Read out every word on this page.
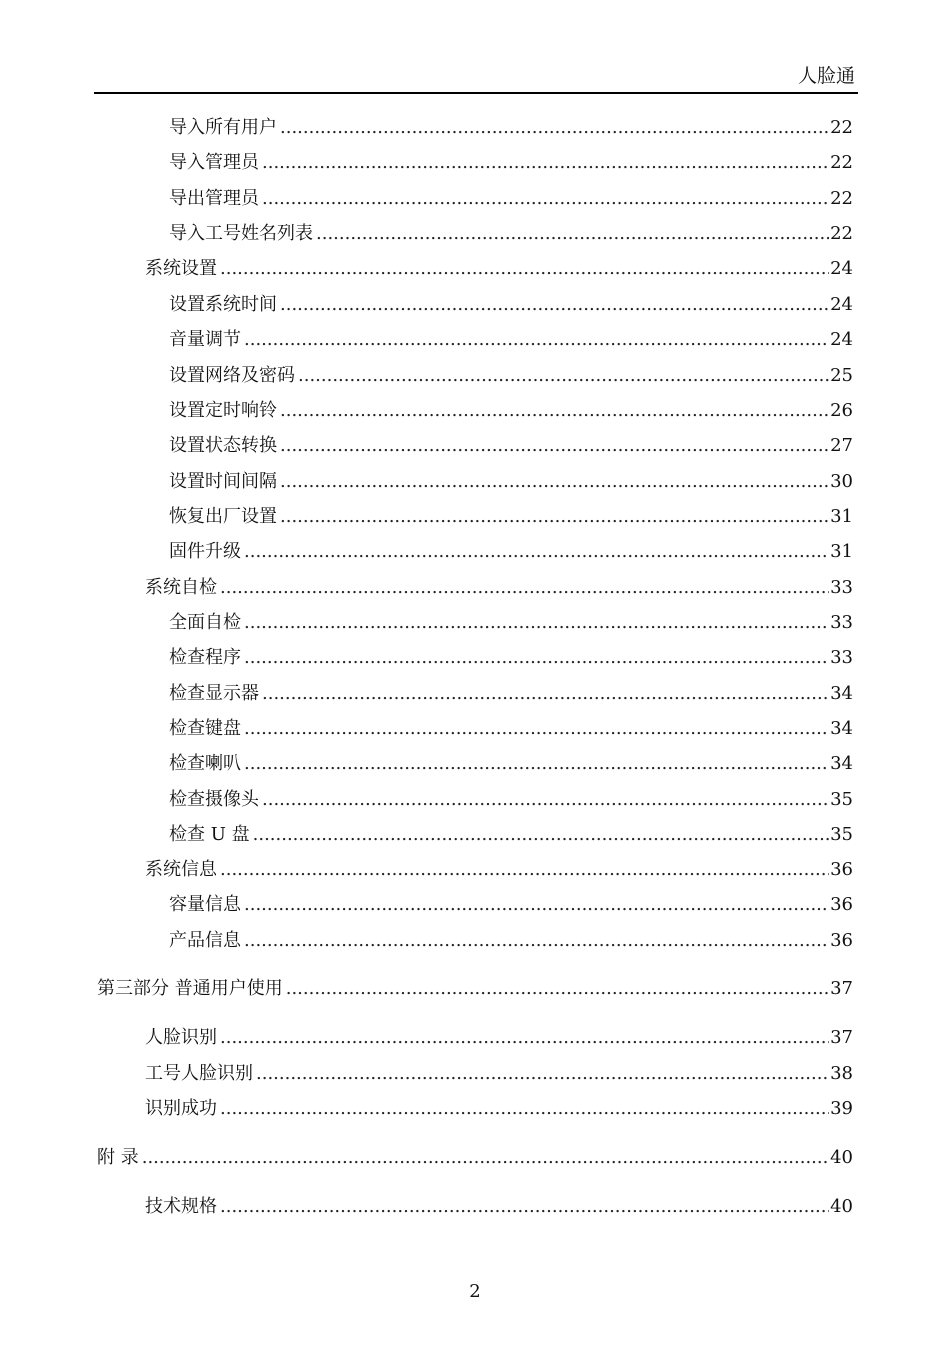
人脸通
导入所有用户 .....	22
导入管理员 .....	22
导出管理员 .....	22
导入工号姓名列表 .....	22
系统设置 .....	24
设置系统时间 .....	24
音量调节 .....	24
设置网络及密码 .....	25
设置定时响铃 .....	26
设置状态转换 .....	27
设置时间间隔 .....	30
恢复出厂设置 .....	31
固件升级 .....	31
系统自检 .....	33
全面自检 .....	33
检查程序 .....	33
检查显示器 .....	34
检查键盘 .....	34
检查喇叭 .....	34
检查摄像头 .....	35
检查 U 盘 .....	35
系统信息 .....	36
容量信息 .....	36
产品信息 .....	36
第三部分 普通用户使用 .....	37
人脸识别 .....	37
工号人脸识别 .....	38
识别成功 .....	39
附 录 .....	40
技术规格 .....	40
2
